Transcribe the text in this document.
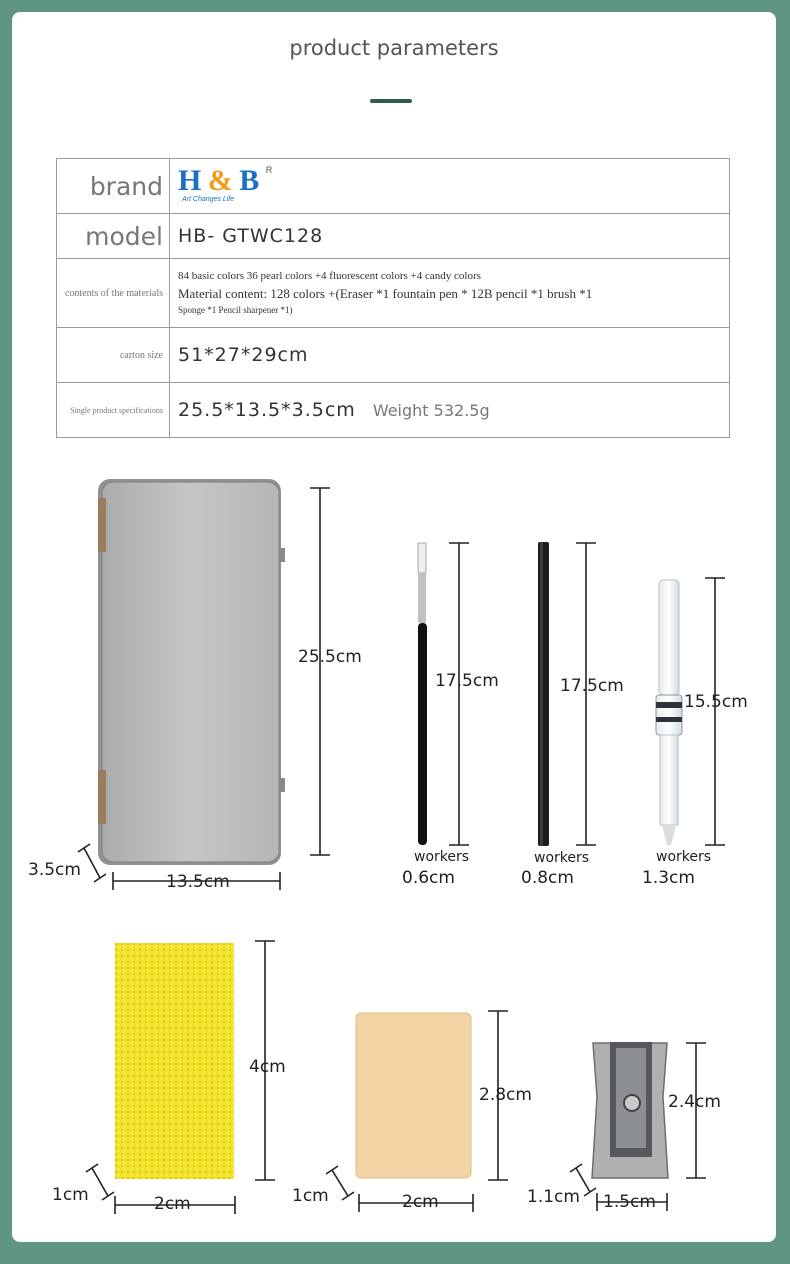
product parameters
brand	H & B $^R$
Art Changes Life

model	HB- GTWC128
contents of the materials	84 basic colors 36 pearl colors +4 fluorescent colors +4 candy colors
Material content: 128 colors +(Eraser *1 fountain pen * 12B pencil *1 brush *1
Sponge *1 Pencil sharpener *1)

carton size	51*27*29cm
Single product specifications	25.5*13.5*3.5cm Weight 532.5g
25.5cm
13.5cm
3.5cm
17.5cm
workers
0.6cm
17.5cm
workers
0.8cm
15.5cm
workers
1.3cm
4cm
2cm
1cm
2.8cm
2cm
1cm
2.4cm
1.5cm
1.1cm
